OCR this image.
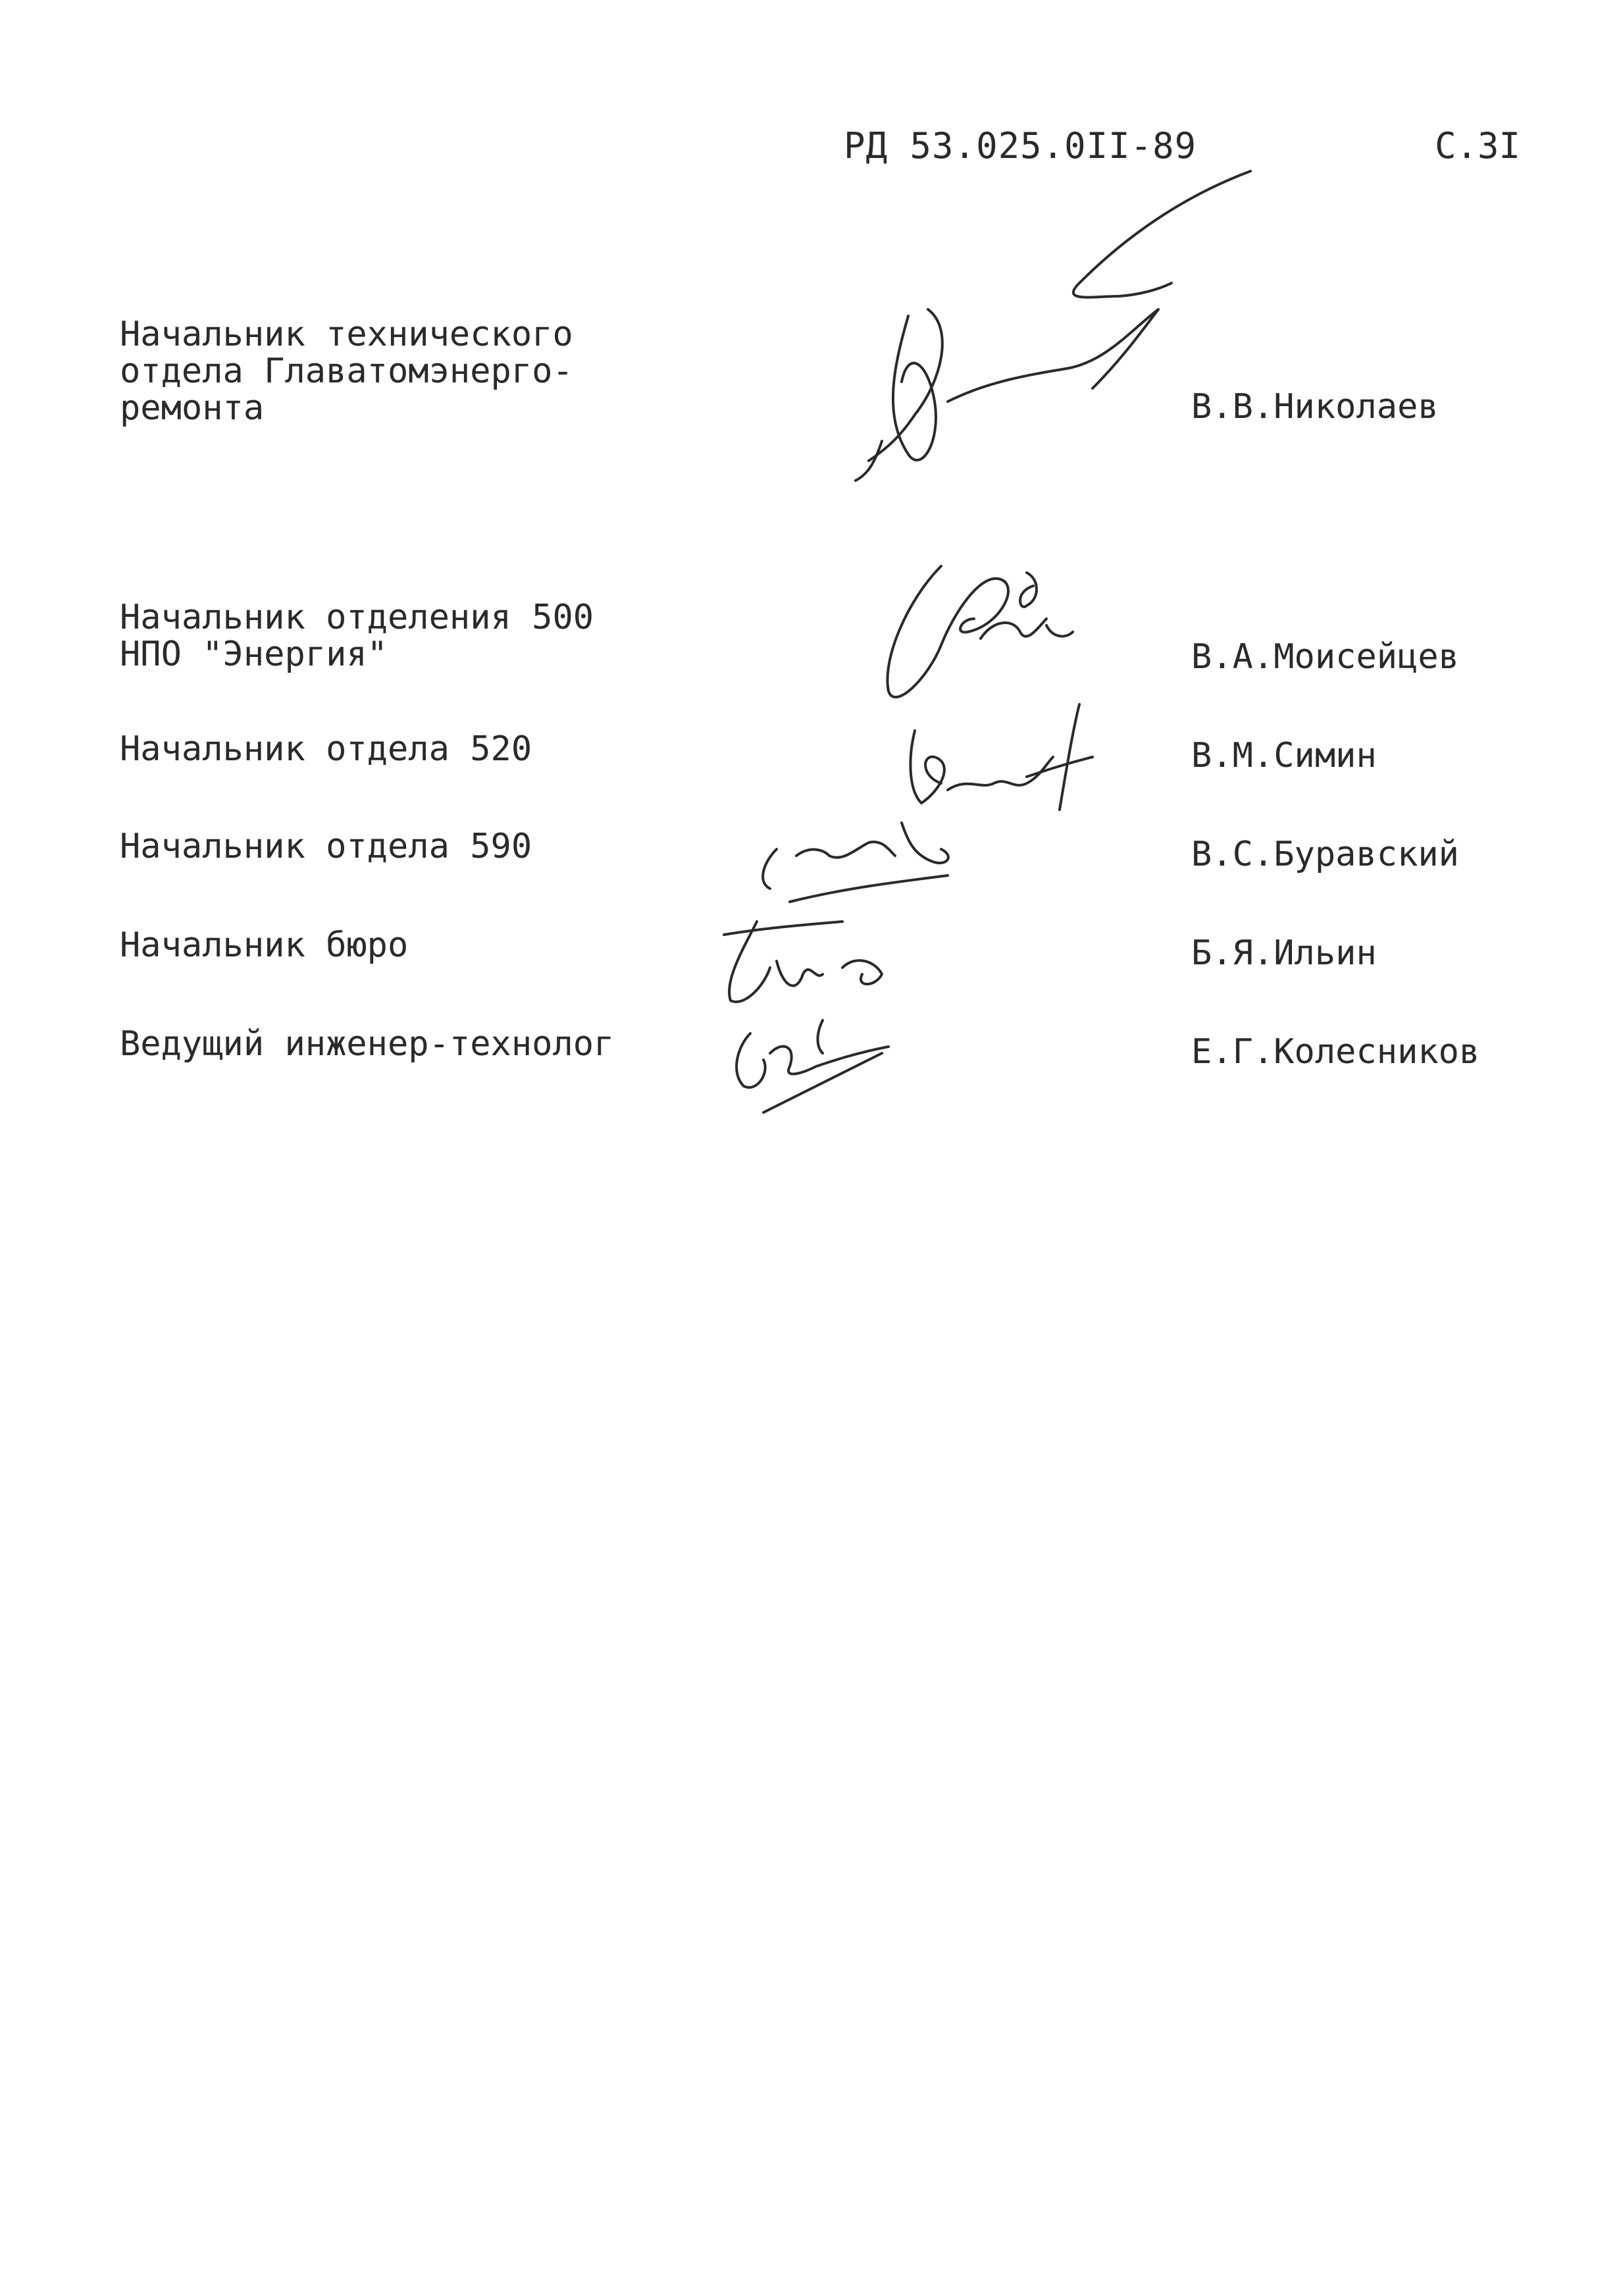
РД 53.025.0II-89	С.3I
Начальник технического
отдела Главатомэнерго-
ремонта	В.В.Николаев
Начальник отделения 500
НПО "Энергия"	В.А.Моисейцев
Начальник отдела 520	В.М.Симин
Начальник отдела 590	В.С.Буравский
Начальник бюро	Б.Я.Ильин
Ведущий инженер-технолог	Е.Г.Колесников
